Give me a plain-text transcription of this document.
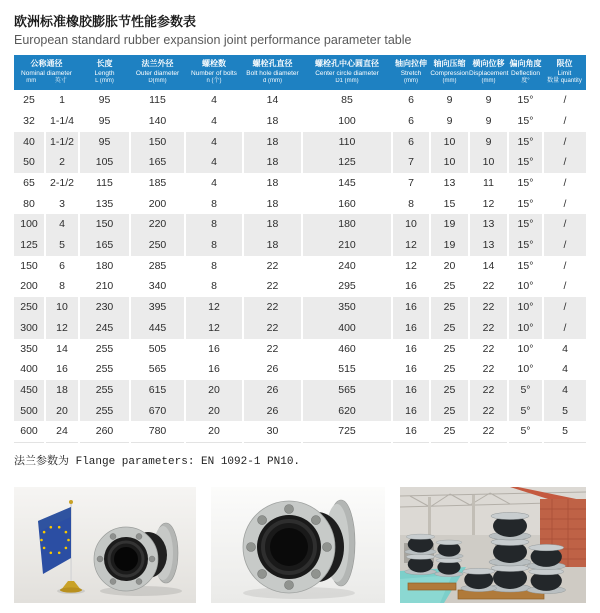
欧洲标准橡胶膨胀节性能参数表
European standard rubber expansion joint performance parameter table
公称通径
Nominal diameter
mm	英寸

长度
Length
L (mm)

法兰外径
Outer diameter
D(mm)

螺栓数
Number of bolts
n (个)

螺栓孔直径
Bolt hole diameter
d (mm)

螺栓孔中心圆直径
Center circle diameter
D1 (mm)

轴向拉伸
Stretch
(mm)

轴向压缩
Compression
(mm)

横向位移
Displacement
(mm)

偏向角度
Deflection
度°

限位
Limit
数量 quantity

25	1	95	115	4	14	85	6	9	9	15°	/
32	1-1/4	95	140	4	18	100	6	9	9	15°	/
40	1-1/2	95	150	4	18	110	6	10	9	15°	/
50	2	105	165	4	18	125	7	10	10	15°	/
65	2-1/2	115	185	4	18	145	7	13	11	15°	/
80	3	135	200	8	18	160	8	15	12	15°	/
100	4	150	220	8	18	180	10	19	13	15°	/
125	5	165	250	8	18	210	12	19	13	15°	/
150	6	180	285	8	22	240	12	20	14	15°	/
200	8	210	340	8	22	295	16	25	22	10°	/
250	10	230	395	12	22	350	16	25	22	10°	/
300	12	245	445	12	22	400	16	25	22	10°	/
350	14	255	505	16	22	460	16	25	22	10°	4
400	16	255	565	16	26	515	16	25	22	10°	4
450	18	255	615	20	26	565	16	25	22	5°	4
500	20	255	670	20	26	620	16	25	22	5°	5
600	24	260	780	20	30	725	16	25	22	5°	5
法兰参数为 Flange parameters: EN 1092-1 PN10.
